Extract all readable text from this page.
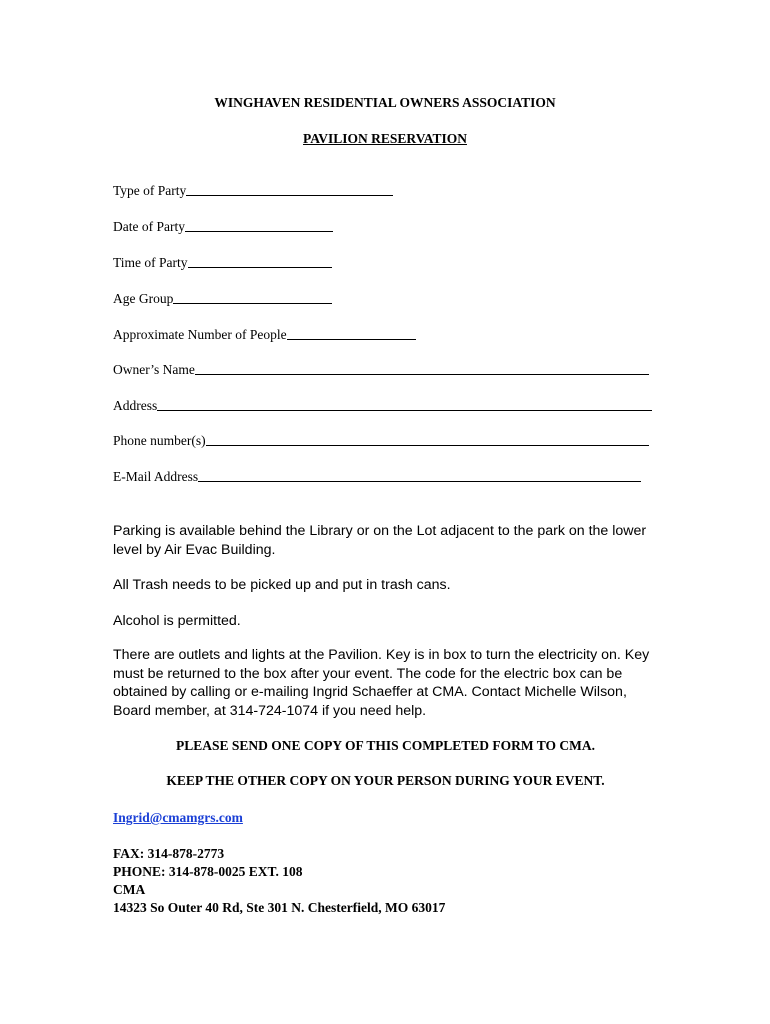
WINGHAVEN RESIDENTIAL OWNERS ASSOCIATION
PAVILION RESERVATION
Type of Party
Date of Party
Time of Party
Age Group
Approximate Number of People
Owner’s Name
Address
Phone number(s)
E-Mail Address
Parking is available behind the Library or on the Lot adjacent to the park on the lower level by Air Evac Building.
All Trash needs to be picked up and put in trash cans.
Alcohol is permitted.
There are outlets and lights at the Pavilion. Key is in box to turn the electricity on. Key must be returned to the box after your event. The code for the electric box can be obtained by calling or e-mailing Ingrid Schaeffer at CMA. Contact Michelle Wilson, Board member, at 314-724-1074 if you need help.
PLEASE SEND ONE COPY OF THIS COMPLETED FORM TO CMA.
KEEP THE OTHER COPY ON YOUR PERSON DURING YOUR EVENT.
Ingrid@cmamgrs.com
FAX: 314-878-2773
PHONE: 314-878-0025 EXT. 108
CMA
14323 So Outer 40 Rd, Ste 301 N. Chesterfield, MO 63017
